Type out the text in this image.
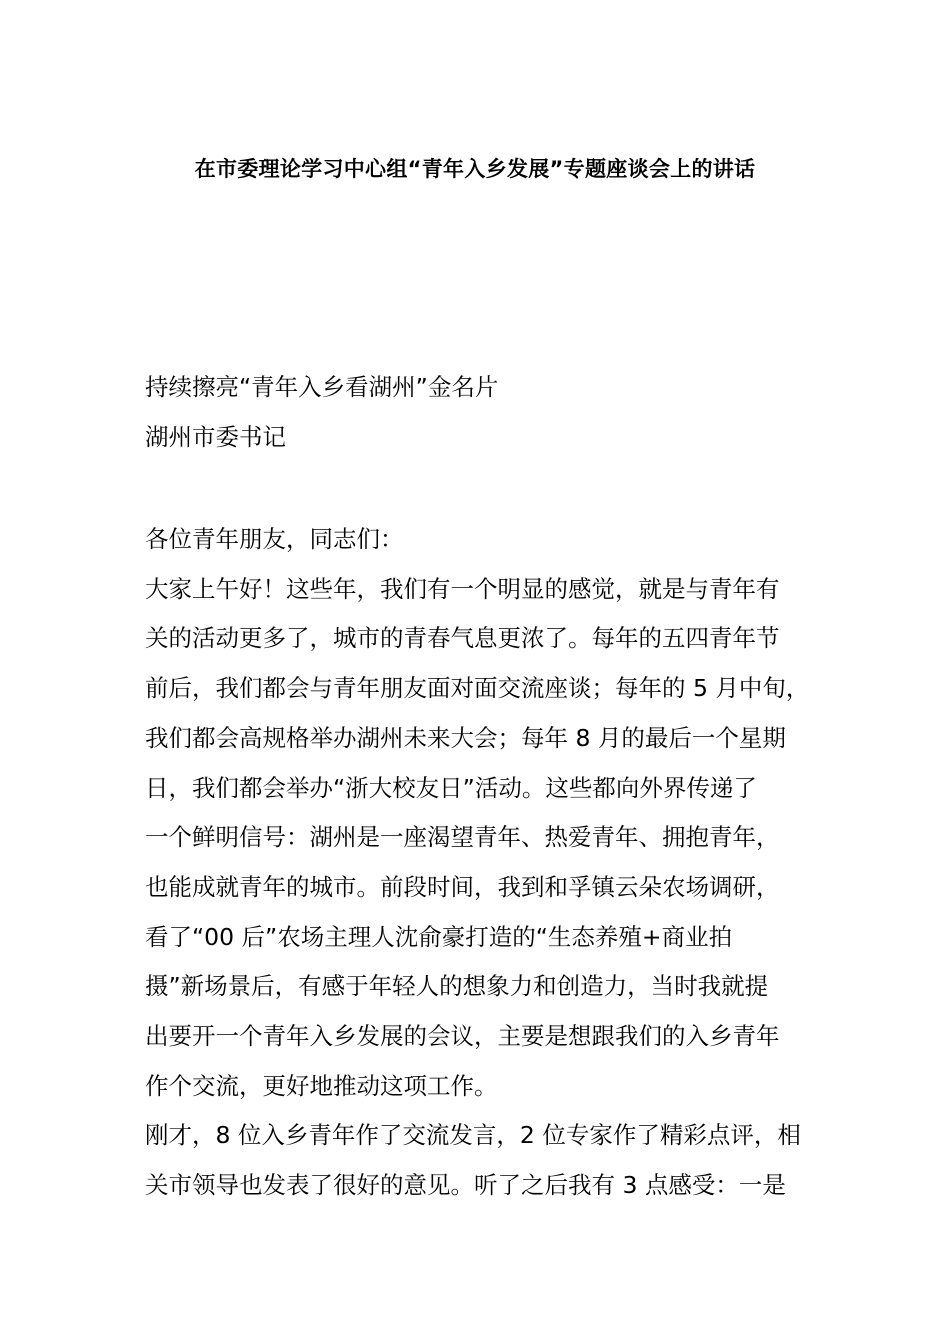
在市委理论学习中心组“青年入乡发展”专题座谈会上的讲话
持续擦亮“青年入乡看湖州”金名片
湖州市委书记
各位青年朋友，同志们：
大家上午好！这些年，我们有一个明显的感觉，就是与青年有
关的活动更多了，城市的青春气息更浓了。每年的五四青年节
前后，我们都会与青年朋友面对面交流座谈；每年的 5 月中旬，
我们都会高规格举办湖州未来大会；每年 8 月的最后一个星期
日，我们都会举办“浙大校友日”活动。这些都向外界传递了
一个鲜明信号：湖州是一座渴望青年、热爱青年、拥抱青年，
也能成就青年的城市。前段时间，我到和孚镇云朵农场调研，
看了“00 后”农场主理人沈俞豪打造的“生态养殖+商业拍
摄”新场景后，有感于年轻人的想象力和创造力，当时我就提
出要开一个青年入乡发展的会议，主要是想跟我们的入乡青年
作个交流，更好地推动这项工作。
刚才，8 位入乡青年作了交流发言，2 位专家作了精彩点评，相
关市领导也发表了很好的意见。听了之后我有 3 点感受：一是
